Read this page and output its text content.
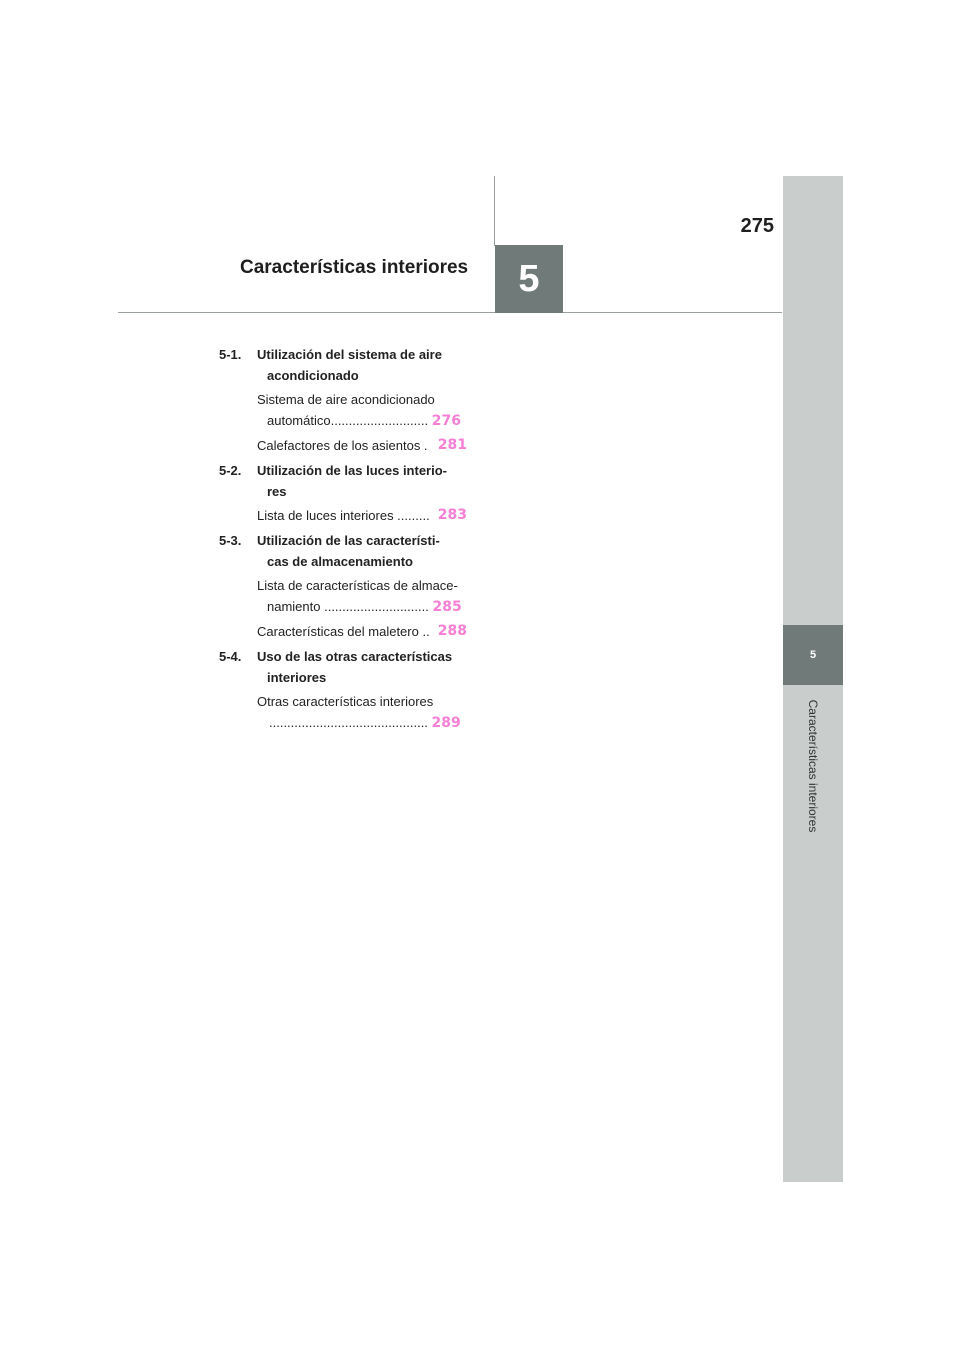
5
Características interiores
275
5
Características interiores
5-1.	Utilización del sistema de aire
acondicionado
Sistema de aire acondicionado
automático........................... 276
Calefactores de los asientos . 281
5-2.	Utilización de las luces interio-
res
Lista de luces interiores ......... 283
5-3.	Utilización de las característi-
cas de almacenamiento
Lista de características de almace-
namiento ............................. 285
Características del maletero .. 288
5-4.	Uso de las otras características
interiores
Otras características interiores
............................................ 289
